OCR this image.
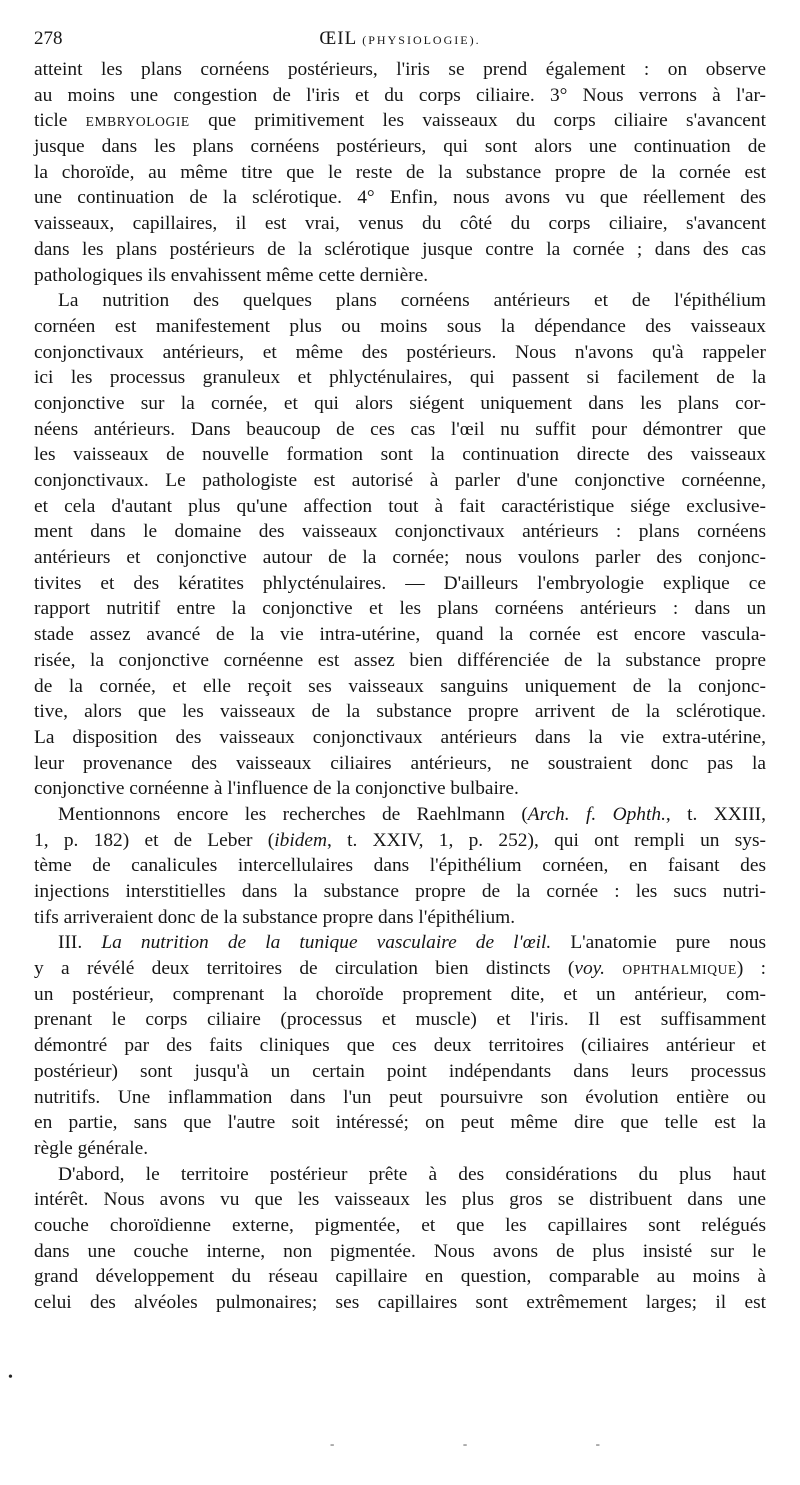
278	ŒIL (PHYSIOLOGIE).
atteint les plans cornéens postérieurs, l'iris se prend également : on observe
au moins une congestion de l'iris et du corps ciliaire. 3° Nous verrons à l'ar-
ticle EMBRYOLOGIE que primitivement les vaisseaux du corps ciliaire s'avancent
jusque dans les plans cornéens postérieurs, qui sont alors une continuation de
la choroïde, au même titre que le reste de la substance propre de la cornée est
une continuation de la sclérotique. 4° Enfin, nous avons vu que réellement des
vaisseaux, capillaires, il est vrai, venus du côté du corps ciliaire, s'avancent
dans les plans postérieurs de la sclérotique jusque contre la cornée ; dans des cas
pathologiques ils envahissent même cette dernière.
La nutrition des quelques plans cornéens antérieurs et de l'épithélium
cornéen est manifestement plus ou moins sous la dépendance des vaisseaux
conjonctivaux antérieurs, et même des postérieurs. Nous n'avons qu'à rappeler
ici les processus granuleux et phlycténulaires, qui passent si facilement de la
conjonctive sur la cornée, et qui alors siégent uniquement dans les plans cor-
néens antérieurs. Dans beaucoup de ces cas l'œil nu suffit pour démontrer que
les vaisseaux de nouvelle formation sont la continuation directe des vaisseaux
conjonctivaux. Le pathologiste est autorisé à parler d'une conjonctive cornéenne,
et cela d'autant plus qu'une affection tout à fait caractéristique siége exclusive-
ment dans le domaine des vaisseaux conjonctivaux antérieurs : plans cornéens
antérieurs et conjonctive autour de la cornée; nous voulons parler des conjonc-
tivites et des kératites phlycténulaires. — D'ailleurs l'embryologie explique ce
rapport nutritif entre la conjonctive et les plans cornéens antérieurs : dans un
stade assez avancé de la vie intra-utérine, quand la cornée est encore vascula-
risée, la conjonctive cornéenne est assez bien différenciée de la substance propre
de la cornée, et elle reçoit ses vaisseaux sanguins uniquement de la conjonc-
tive, alors que les vaisseaux de la substance propre arrivent de la sclérotique.
La disposition des vaisseaux conjonctivaux antérieurs dans la vie extra-utérine,
leur provenance des vaisseaux ciliaires antérieurs, ne soustraient donc pas la
conjonctive cornéenne à l'influence de la conjonctive bulbaire.
Mentionnons encore les recherches de Raehlmann (Arch. f. Ophth., t. XXIII,
1, p. 182) et de Leber (ibidem, t. XXIV, 1, p. 252), qui ont rempli un sys-
tème de canalicules intercellulaires dans l'épithélium cornéen, en faisant des
injections interstitielles dans la substance propre de la cornée : les sucs nutri-
tifs arriveraient donc de la substance propre dans l'épithélium.
III. La nutrition de la tunique vasculaire de l'œil. L'anatomie pure nous
y a révélé deux territoires de circulation bien distincts (voy. OPHTHALMIQUE) :
un postérieur, comprenant la choroïde proprement dite, et un antérieur, com-
prenant le corps ciliaire (processus et muscle) et l'iris. Il est suffisamment
démontré par des faits cliniques que ces deux territoires (ciliaires antérieur et
postérieur) sont jusqu'à un certain point indépendants dans leurs processus
nutritifs. Une inflammation dans l'un peut poursuivre son évolution entière ou
en partie, sans que l'autre soit intéressé; on peut même dire que telle est la
règle générale.
D'abord, le territoire postérieur prête à des considérations du plus haut
intérêt. Nous avons vu que les vaisseaux les plus gros se distribuent dans une
couche choroïdienne externe, pigmentée, et que les capillaires sont relégués
dans une couche interne, non pigmentée. Nous avons de plus insisté sur le
grand développement du réseau capillaire en question, comparable au moins à
celui des alvéoles pulmonaires; ses capillaires sont extrêmement larges; il est
•
-	-	-
